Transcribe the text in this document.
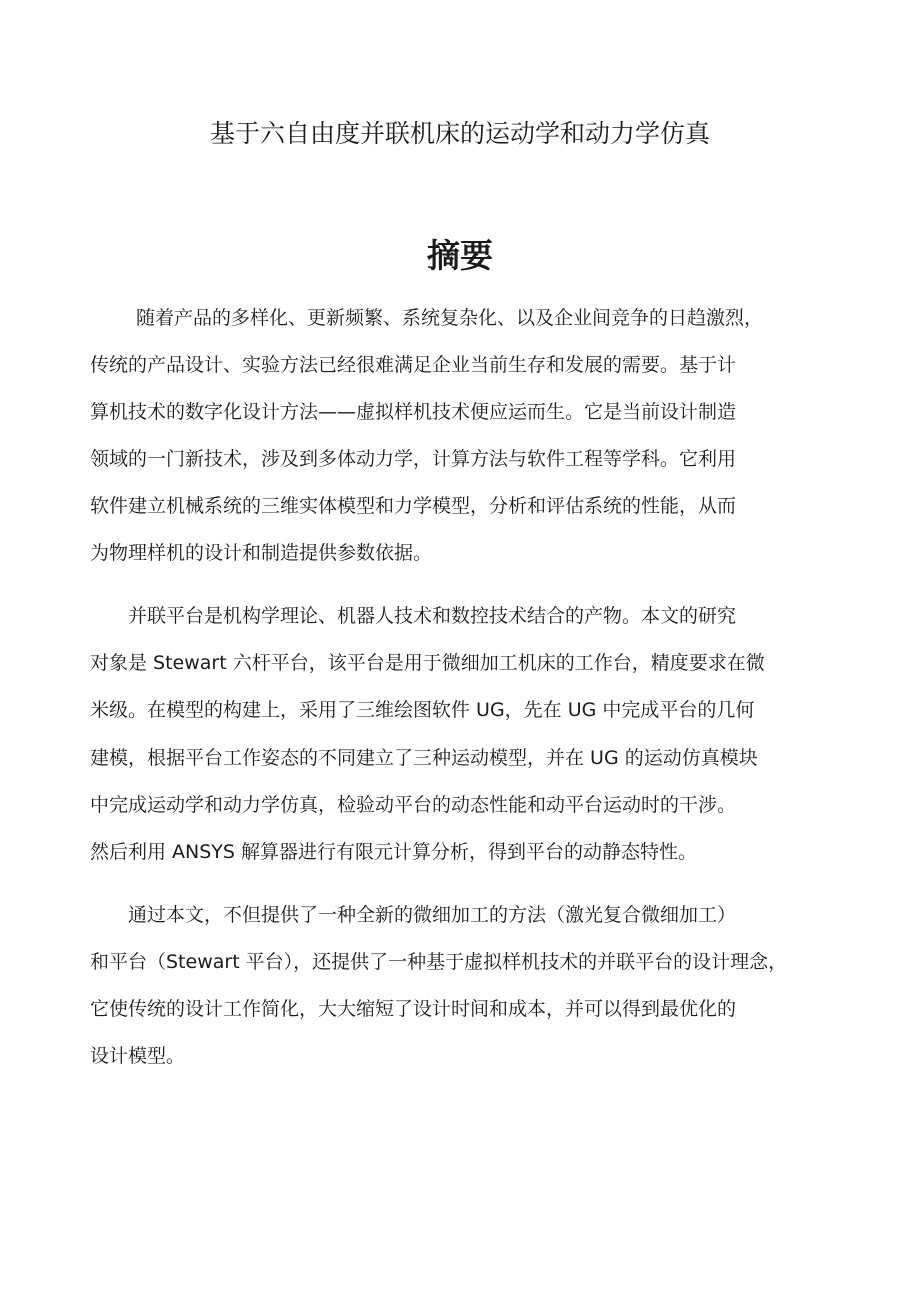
基于六自由度并联机床的运动学和动力学仿真
摘要
随着产品的多样化、更新频繁、系统复杂化、以及企业间竞争的日趋激烈，
传统的产品设计、实验方法已经很难满足企业当前生存和发展的需要。基于计
算机技术的数字化设计方法——虚拟样机技术便应运而生。它是当前设计制造
领域的一门新技术，涉及到多体动力学，计算方法与软件工程等学科。它利用
软件建立机械系统的三维实体模型和力学模型，分析和评估系统的性能，从而
为物理样机的设计和制造提供参数依据。
并联平台是机构学理论、机器人技术和数控技术结合的产物。本文的研究
对象是 Stewart 六杆平台，该平台是用于微细加工机床的工作台，精度要求在微
米级。在模型的构建上，采用了三维绘图软件 UG，先在 UG 中完成平台的几何
建模，根据平台工作姿态的不同建立了三种运动模型，并在 UG 的运动仿真模块
中完成运动学和动力学仿真，检验动平台的动态性能和动平台运动时的干涉。
然后利用 ANSYS 解算器进行有限元计算分析，得到平台的动静态特性。
通过本文，不但提供了一种全新的微细加工的方法（激光复合微细加工）
和平台（Stewart 平台），还提供了一种基于虚拟样机技术的并联平台的设计理念，
它使传统的设计工作简化，大大缩短了设计时间和成本，并可以得到最优化的
设计模型。
